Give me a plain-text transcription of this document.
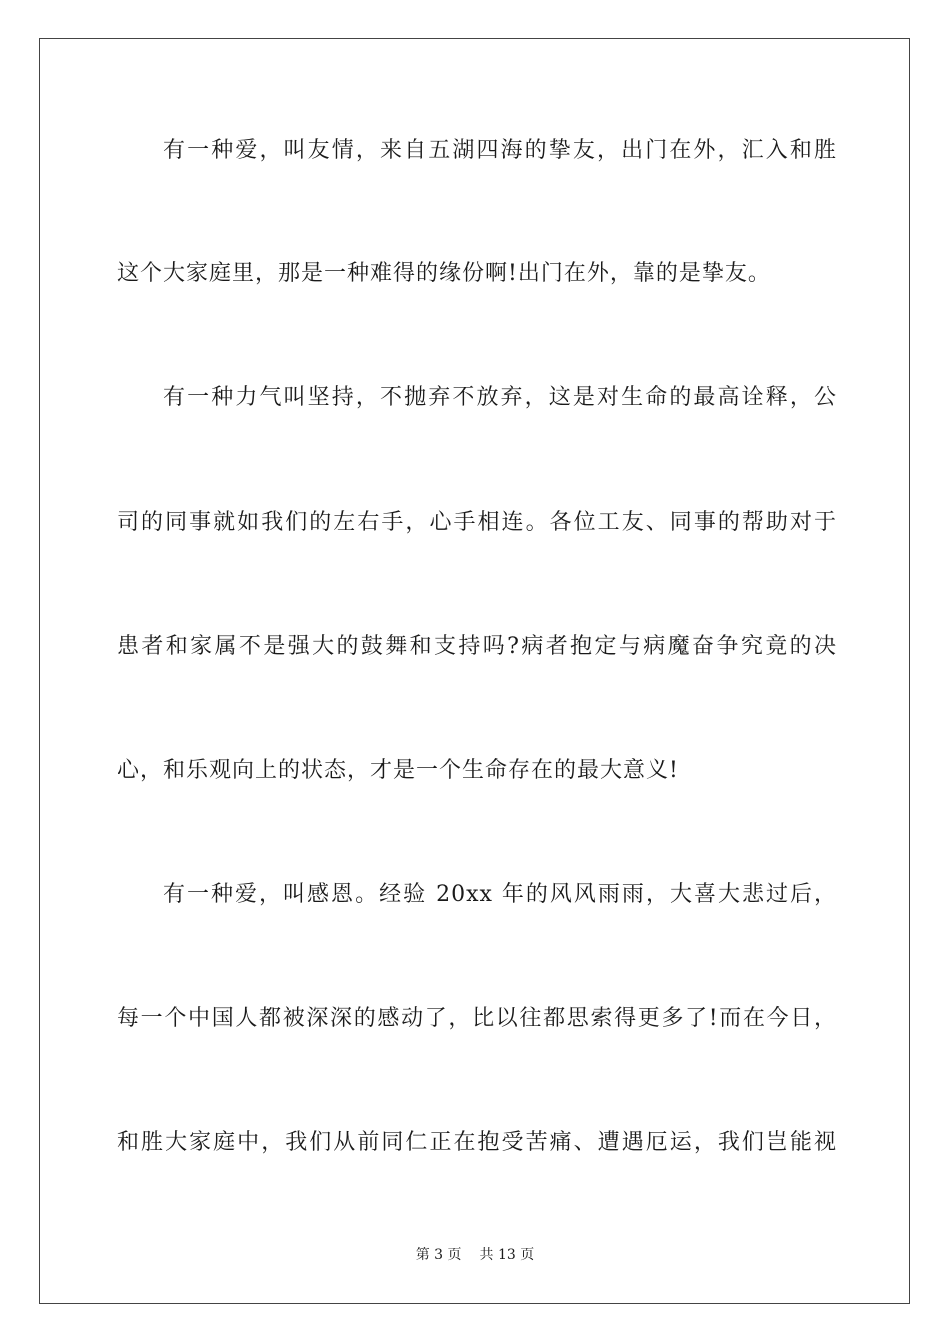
有一种爱，叫友情，来自五湖四海的挚友，出门在外，汇入和胜
这个大家庭里，那是一种难得的缘份啊!出门在外，靠的是挚友。
有一种力气叫坚持，不抛弃不放弃，这是对生命的最高诠释，公
司的同事就如我们的左右手，心手相连。各位工友、同事的帮助对于
患者和家属不是强大的鼓舞和支持吗?病者抱定与病魔奋争究竟的决
心，和乐观向上的状态，才是一个生命存在的最大意义!
有一种爱，叫感恩。经验 20xx 年的风风雨雨，大喜大悲过后，
每一个中国人都被深深的感动了，比以往都思索得更多了!而在今日，
和胜大家庭中，我们从前同仁正在抱受苦痛、遭遇厄运，我们岂能视
第 3 页 共 13 页
